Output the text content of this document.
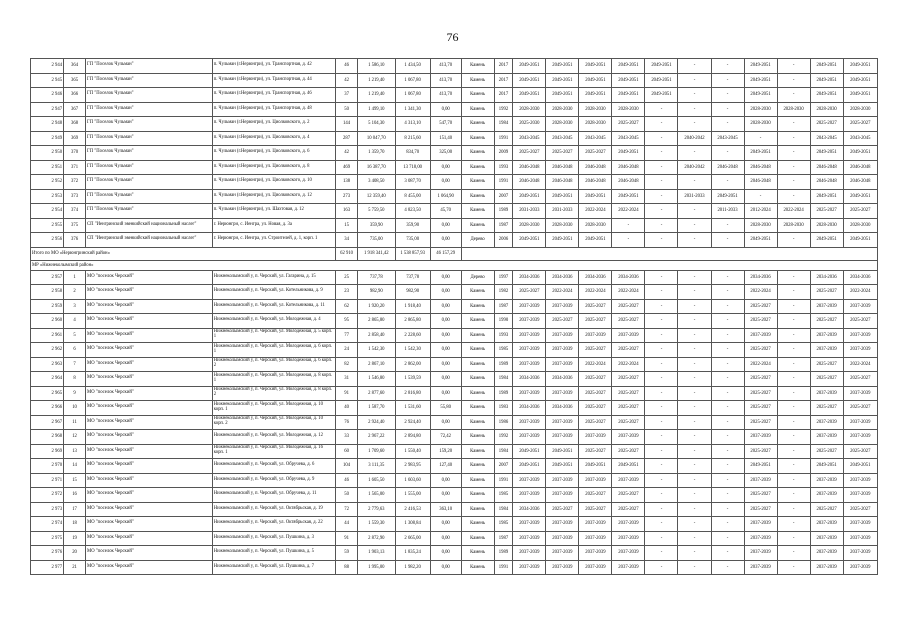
76
2 944	364	ГП "Поселок Чульман"	п. Чульман (г.Нерюнгри), ул. Транспортная, д. 42	46	1 586,10	1 434,50	413,70	Камень	2017	2049-2051	2049-2051	2049-2051	2049-2051	2049-2051	-	-	2049-2051	-	2049-2051	2049-2051
2 945	365	ГП "Поселок Чульман"	п. Чульман (г.Нерюнгри), ул. Транспортная, д. 44	42	1 219,40	1 067,80	413,70	Камень	2017	2049-2051	2049-2051	2049-2051	2049-2051	2049-2051	-	-	2049-2051	-	2049-2051	2049-2051
2 946	366	ГП "Поселок Чульман"	п. Чульман (г.Нерюнгри), ул. Транспортная, д. 46	37	1 219,40	1 067,80	413,70	Камень	2017	2049-2051	2049-2051	2049-2051	2049-2051	2049-2051	-	-	2049-2051	-	2049-2051	2049-2051
2 947	367	ГП "Поселок Чульман"	п. Чульман (г.Нерюнгри), ул. Транспортная, д. 48	50	1 499,10	1 341,30	0,00	Камень	1992	2028-2030	2028-2030	2028-2030	2028-2030	-	-	-	2028-2030	2028-2030	2028-2030	2028-2030
2 948	368	ГП "Поселок Чульман"	п. Чульман (г.Нерюнгри), ул. Циолковского, д. 2	144	5 104,30	4 313,10	547,70	Камень	1984	2025-2030	2028-2030	2028-2030	2025-2027	-	-	-	2028-2030	-	2025-2027	2025-2027
2 949	369	ГП "Поселок Чульман"	п. Чульман (г.Нерюнгри), ул. Циолковского, д. 4	287	10 047,70	8 215,60	151,40	Камень	1991	2043-2045	2043-2045	2043-2045	2043-2045	-	2040-2042	2043-2045	-	-	2043-2045	2043-2045
2 950	370	ГП "Поселок Чульман"	п. Чульман (г.Нерюнгри), ул. Циолковского, д. 6	42	1 359,70	834,70	325,00	Камень	2009	2025-2027	2025-2027	2025-2027	2049-2051	-	-	-	2049-2051	-	2049-2051	2049-2051
2 951	371	ГП "Поселок Чульман"	п. Чульман (г.Нерюнгри), ул. Циолковского, д. 8	469	16 387,70	13 718,00	0,00	Камень	1993	2046-2048	2046-2048	2046-2048	2046-2048	-	2040-2042	2046-2048	2046-2048	-	2046-2048	2046-2048
2 952	372	ГП "Поселок Чульман"	п. Чульман (г.Нерюнгри), ул. Циолковского, д. 10	138	3 408,50	3 087,70	0,00	Камень	1991	2046-2048	2046-2048	2046-2048	2046-2048	-	-	-	2046-2048	-	2046-2048	2046-2048
2 953	373	ГП "Поселок Чульман"	п. Чульман (г.Нерюнгри), ул. Циолковского, д. 12	273	12 359,40	8 455,00	1 064,90	Камень	2007	2049-2051	2049-2051	2049-2051	2049-2051	-	2031-2033	2049-2051	-	-	2049-2051	2049-2051
2 954	374	ГП "Поселок Чульман"	п. Чульман (г.Нерюнгри), ул. Шахтовая, д. 12	163	5 759,50	4 823,50	45,70	Камень	1989	2031-2033	2031-2033	2022-2024	2022-2024	-	-	2011-2033	2012-2024	2022-2024	2025-2027	2025-2027
2 955	375	СП "Иенгринский эвенкийский национальный наслег"	г. Нерюнгри, с. Иенгра, ул. Новая, д. 3а	15	359,90	359,90	0,00	Камень	1987	2028-2030	2028-2030	2028-2030	-	-	-	-	2028-2030	2028-2030	2028-2030	2028-2030
2 956	376	СП "Иенгринский эвенкийский национальный наслег"	г. Нерюнгри, с. Иенгра, ул. Строителей, д. 1, корп. 1	34	735,00	735,00	0,00	Дерево	2006	2049-2051	2049-2051	2049-2051	-	-	-	-	2049-2051	-	2049-2051	2049-2051
Итого по МО «Нерюнгринский район»				62 910	1 918 341,42	1 538 857,93	46 157,29													
МР «Нижнеколымский район»																				
2 957	1	МО "поселок Черский"	Нижнеколымский у, п. Черский, ул. Гагарина, д. 15	25	737,78	737,78	0,00	Дерево	1997	2034-2036	2034-2036	2034-2036	2034-2036	-	-	-	2034-2036	-	2034-2036	2034-2036
2 958	2	МО "поселок Черский"	Нижнеколымский у, п. Черский, ул. Котельникова, д. 9	23	982,90	982,90	0,00	Камень	1982	2025-2027	2022-2024	2022-2024	2022-2024	-	-	-	2022-2024	-	2025-2027	2022-2024
2 959	3	МО "поселок Черский"	Нижнеколымский у, п. Черский, ул. Котельникова, д. 11	62	1 920,20	1 918,40	0,00	Камень	1987	2037-2039	2037-2039	2025-2027	2025-2027	-	-	-	2025-2027	-	2037-2039	2037-2039
2 960	4	МО "поселок Черский"	Нижнеколымский у, п. Черский, ул. Молодежная, д. 4	95	2 865,80	2 865,80	0,00	Камень	1990	2037-2039	2025-2027	2025-2027	2025-2027	-	-	-	2025-2027	-	2025-2027	2025-2027
2 961	5	МО "поселок Черский"	Нижнеколымский у, п. Черский, ул. Молодежная, д. 5 корп. 1	77	2 858,40	2 228,60	0,00	Камень	1993	2037-2039	2037-2039	2037-2039	2037-2039	-	-	-	2037-2039	-	2037-2039	2037-2039
2 962	6	МО "поселок Черский"	Нижнеколымский у, п. Черский, ул. Молодежная, д. 6 корп. 1	24	1 542,30	1 542,30	0,00	Камень	1985	2037-2039	2037-2039	2025-2027	2025-2027	-	-	-	2025-2027	-	2037-2039	2037-2039
2 963	7	МО "поселок Черский"	Нижнеколымский у, п. Черский, ул. Молодежная, д. 6 корп. 2	82	2 867,10	2 862,00	0,00	Камень	1989	2037-2039	2037-2039	2022-2024	2022-2024	-	-	-	2022-2024	-	2025-2027	2022-2024
2 964	8	МО "поселок Черский"	Нижнеколымский у, п. Черский, ул. Молодежная, д. 8 корп. 1	31	1 546,80	1 539,59	0,00	Камень	1984	2034-2036	2034-2036	2025-2027	2025-2027	-	-	-	2025-2027	-	2025-2027	2025-2027
2 965	9	МО "поселок Черский"	Нижнеколымский у, п. Черский, ул. Молодежная, д. 8 корп. 2	91	2 877,60	2 816,80	0,00	Камень	1989	2037-2039	2037-2039	2025-2027	2025-2027	-	-	-	2025-2027	-	2037-2039	2037-2039
2 966	10	МО "поселок Черский"	Нижнеколымский у, п. Черский, ул. Молодежная, д. 10 корп. 1	40	1 587,70	1 531,60	55,80	Камень	1983	2034-2036	2034-2036	2025-2027	2025-2027	-	-	-	2025-2027	-	2025-2027	2025-2027
2 967	11	МО "поселок Черский"	Нижнеколымский у, п. Черский, ул. Молодежная, д. 10 корп. 2	76	2 924,40	2 924,40	0,00	Камень	1986	2037-2039	2037-2039	2025-2027	2025-2027	-	-	-	2025-2027	-	2037-2039	2037-2039
2 968	12	МО "поселок Черский"	Нижнеколымский у, п. Черский, ул. Молодежная, д. 12	33	2 967,22	2 894,80	72,42	Камень	1992	2037-2039	2037-2039	2037-2039	2037-2039	-	-	-	2037-2039	-	2037-2039	2037-2039
2 969	13	МО "поселок Черский"	Нижнеколымский у, п. Черский, ул. Молодежная, д. 16 корп. 1	60	1 709,60	1 550,40	159,20	Камень	1984	2049-2051	2049-2051	2025-2027	2025-2027	-	-	-	2025-2027	-	2025-2027	2025-2027
2 970	14	МО "поселок Черский"	Нижнеколымский у, п. Черский, ул. Обручева, д. 6	104	3 111,35	2 983,95	127,40	Камень	2007	2049-2051	2049-2051	2049-2051	2049-2051	-	-	-	2049-2051	-	2049-2051	2049-2051
2 971	15	МО "поселок Черский"	Нижнеколымский у, п. Черский, ул. Обручева, д. 9	46	1 605,50	1 603,60	0,00	Камень	1991	2037-2039	2037-2039	2037-2039	2037-2039	-	-	-	2037-2039	-	2037-2039	2037-2039
2 972	16	МО "поселок Черский"	Нижнеколымский у, п. Черский, ул. Обручева, д. 11	50	1 565,00	1 555,00	0,00	Камень	1985	2037-2039	2037-2039	2025-2027	2025-2027	-	-	-	2025-2027	-	2037-2039	2037-2039
2 973	17	МО "поселок Черский"	Нижнеколымский у, п. Черский, ул. Октябрьская, д. 19	72	2 779,63	2 416,53	363,10	Камень	1984	2034-2036	2025-2027	2025-2027	2025-2027	-	-	-	2025-2027	-	2025-2027	2025-2027
2 974	18	МО "поселок Черский"	Нижнеколымский у, п. Черский, ул. Октябрьская, д. 22	44	1 559,30	1 308,84	0,00	Камень	1985	2037-2039	2037-2039	2037-2039	2037-2039	-	-	-	2037-2039	-	2037-2039	2037-2039
2 975	19	МО "поселок Черский"	Нижнеколымский у, п. Черский, ул. Пушкина, д. 3	91	2 872,90	2 665,00	0,00	Камень	1987	2037-2039	2037-2039	2037-2039	2037-2039	-	-	-	2037-2039	-	2037-2039	2037-2039
2 976	20	МО "поселок Черский"	Нижнеколымский у, п. Черский, ул. Пушкина, д. 5	59	1 903,13	1 835,24	0,00	Камень	1989	2037-2039	2037-2039	2037-2039	2037-2039	-	-	-	2037-2039	-	2037-2039	2037-2039
2 977	21	МО "поселок Черский"	Нижнеколымский у, п. Черский, ул. Пушкина, д. 7	88	1 995,00	1 982,20	0,00	Камень	1991	2037-2039	2037-2039	2037-2039	2037-2039	-	-	-	2037-2039	-	2037-2039	2037-2039
